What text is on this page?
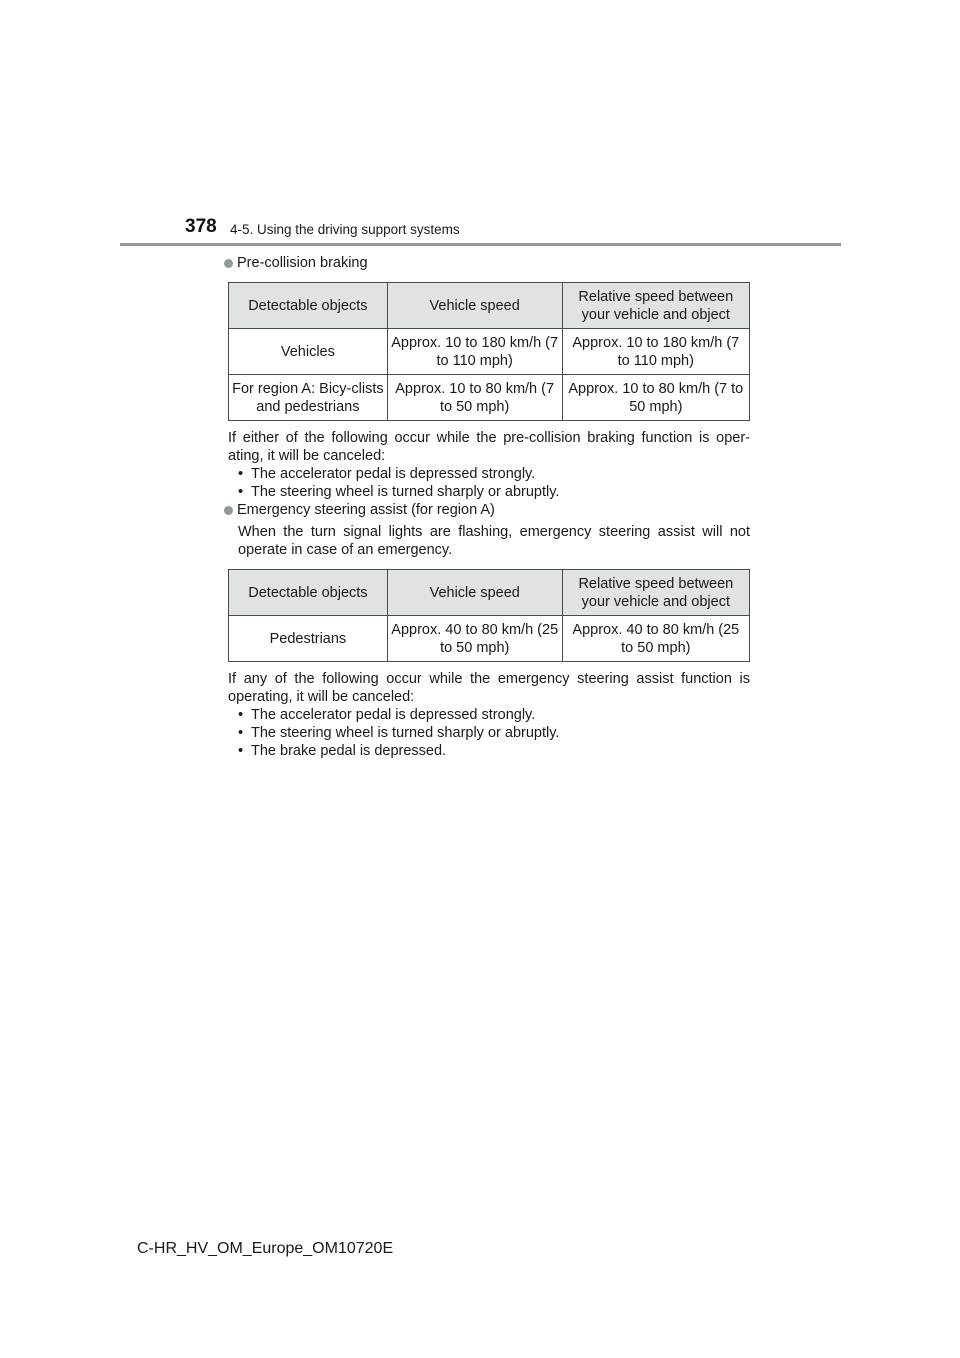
378 4-5. Using the driving support systems
Pre-collision braking
Detectable objects	Vehicle speed	Relative speed between your vehicle and object
Vehicles	Approx. 10 to 180 km/h (7 to 110 mph)	Approx. 10 to 180 km/h (7 to 110 mph)
For region A: Bicy-clists and pedestrians	Approx. 10 to 80 km/h (7 to 50 mph)	Approx. 10 to 80 km/h (7 to 50 mph)
If either of the following occur while the pre-collision braking function is oper-ating, it will be canceled:
• The accelerator pedal is depressed strongly.
• The steering wheel is turned sharply or abruptly.
Emergency steering assist (for region A)
When the turn signal lights are flashing, emergency steering assist will not operate in case of an emergency.
Detectable objects	Vehicle speed	Relative speed between your vehicle and object
Pedestrians	Approx. 40 to 80 km/h (25 to 50 mph)	Approx. 40 to 80 km/h (25 to 50 mph)
If any of the following occur while the emergency steering assist function is operating, it will be canceled:
• The accelerator pedal is depressed strongly.
• The steering wheel is turned sharply or abruptly.
• The brake pedal is depressed.
C-HR_HV_OM_Europe_OM10720E
